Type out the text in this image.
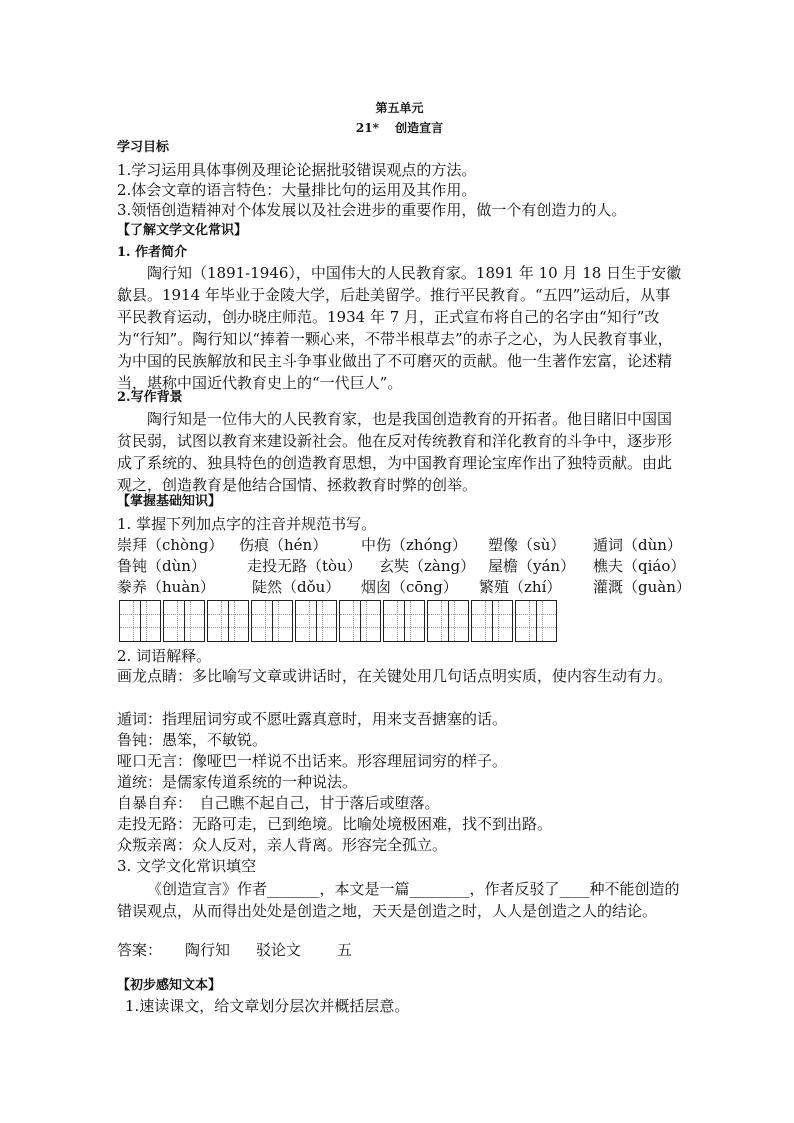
第五单元
21*　 创造宣言
学习目标
1.学习运用具体事例及理论论据批驳错误观点的方法。
2.体会文章的语言特色：大量排比句的运用及其作用。
3.领悟创造精神对个体发展以及社会进步的重要作用，做一个有创造力的人。
【了解文学文化常识】
1. 作者简介
陶行知（1891-1946），中国伟大的人民教育家。1891 年 10 月 18 日生于安徽歙县。1914 年毕业于金陵大学，后赴美留学。推行平民教育。“五四”运动后，从事平民教育运动，创办晓庄师范。1934 年 7 月，正式宣布将自己的名字由“知行”改为“行知”。陶行知以“捧着一颗心来，不带半根草去”的赤子之心，为人民教育事业，为中国的民族解放和民主斗争事业做出了不可磨灭的贡献。他一生著作宏富，论述精当，堪称中国近代教育史上的“一代巨人”。
2.写作背景
陶行知是一位伟大的人民教育家，也是我国创造教育的开拓者。他目睹旧中国国贫民弱，试图以教育来建设新社会。他在反对传统教育和洋化教育的斗争中，逐步形成了系统的、独具特色的创造教育思想，为中国教育理论宝库作出了独特贡献。由此观之，创造教育是他结合国情、拯救教育时弊的创举。
【掌握基础知识】
1. 掌握下列加点字的注音并规范书写。
崇拜（chòng） 伤痕（hén） 中伤（zhóng） 塑像（sù） 遁词（dùn）
鲁钝（dùn）	走投无路（tòu） 玄奘（zàng） 屋檐（yán） 樵夫（qiáo）
豢养（huàn） 陡然（dǒu） 烟囱（cōng） 繁殖（zhí） 灌溉（guàn）
2. 词语解释。
画龙点睛：多比喻写文章或讲话时，在关键处用几句话点明实质，使内容生动有力。
遁词：指理屈词穷或不愿吐露真意时，用来支吾搪塞的话。
鲁钝：愚笨，不敏锐。
哑口无言：像哑巴一样说不出话来。形容理屈词穷的样子。
道统：是儒家传道系统的一种说法。
自暴自弃：　自己瞧不起自己，甘于落后或堕落。
走投无路：无路可走，已到绝境。比喻处境极困难，找不到出路。
众叛亲离：众人反对，亲人背离。形容完全孤立。
3. 文学文化常识填空
《创造宣言》作者_______，本文是一篇________，作者反驳了____种不能创造的错误观点，从而得出处处是创造之地，天天是创造之时，人人是创造之人的结论。
答案： 陶行知 驳论文 五
【初步感知文本】
1.速读课文，给文章划分层次并概括层意。
